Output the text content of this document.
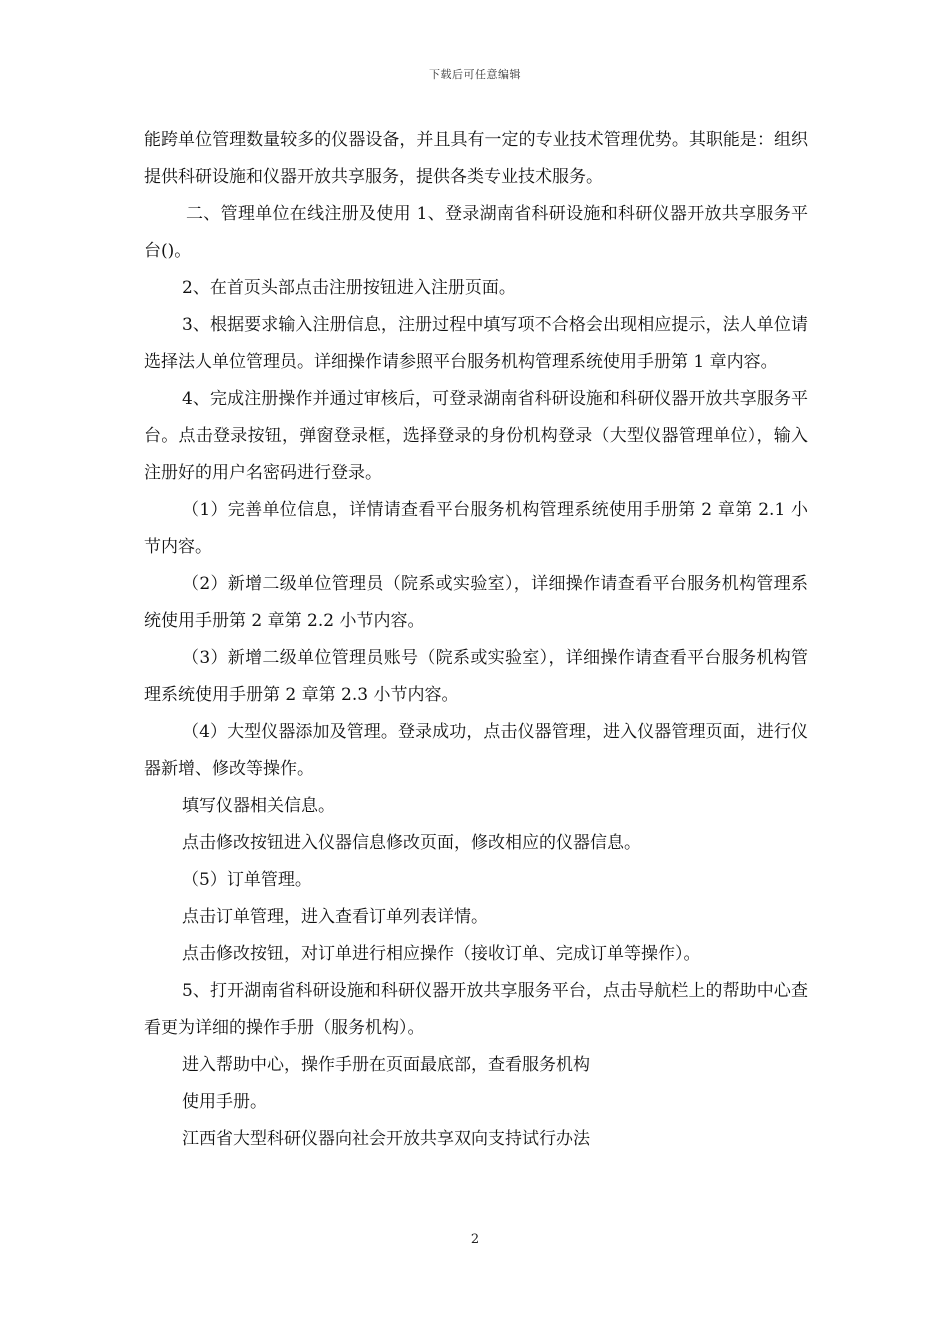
下载后可任意编辑

能跨单位管理数量较多的仪器设备，并且具有一定的专业技术管理优势。其职能是：组织提供科研设施和仪器开放共享服务，提供各类专业技术服务。

二、管理单位在线注册及使用 1、登录湖南省科研设施和科研仪器开放共享服务平台()。

2、在首页头部点击注册按钮进入注册页面。

3、根据要求输入注册信息，注册过程中填写项不合格会出现相应提示，法人单位请选择法人单位管理员。详细操作请参照平台服务机构管理系统使用手册第 1 章内容。

4、完成注册操作并通过审核后，可登录湖南省科研设施和科研仪器开放共享服务平台。点击登录按钮，弹窗登录框，选择登录的身份机构登录（大型仪器管理单位），输入注册好的用户名密码进行登录。

（1）完善单位信息，详情请查看平台服务机构管理系统使用手册第 2 章第 2.1 小节内容。

（2）新增二级单位管理员（院系或实验室），详细操作请查看平台服务机构管理系统使用手册第 2 章第 2.2 小节内容。

（3）新增二级单位管理员账号（院系或实验室），详细操作请查看平台服务机构管理系统使用手册第 2 章第 2.3 小节内容。

（4）大型仪器添加及管理。登录成功，点击仪器管理，进入仪器管理页面，进行仪器新增、修改等操作。

填写仪器相关信息。

点击修改按钮进入仪器信息修改页面，修改相应的仪器信息。

（5）订单管理。

点击订单管理，进入查看订单列表详情。

点击修改按钮，对订单进行相应操作（接收订单、完成订单等操作）。

5、打开湖南省科研设施和科研仪器开放共享服务平台，点击导航栏上的帮助中心查看更为详细的操作手册（服务机构）。

进入帮助中心，操作手册在页面最底部，查看服务机构

使用手册。

江西省大型科研仪器向社会开放共享双向支持试行办法

2
